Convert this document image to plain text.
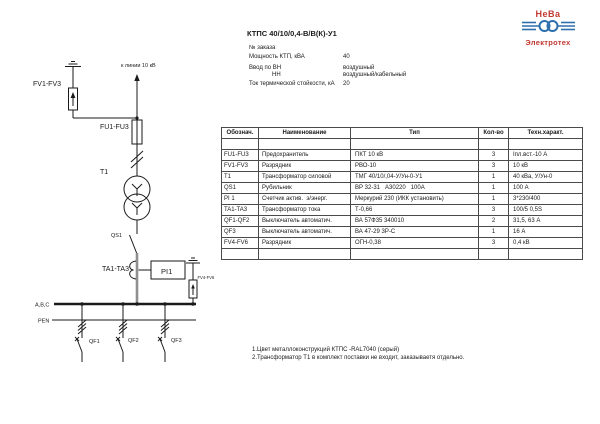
к линии 10 кВ
FV1-FV3
FU1-FU3
T1
QS1
TA1-TA3	PI1
FV4-FV6
A,B,C
PEN
QF1	QF2	QF3
НеВа
Электротех
КТПС 40/10/0,4-В/В(К)-У1
№ заказа
Мощность КТП, кВА	40
Ввод по ВН	воздушный
НН	воздушный/кабельный
Ток термической стойкости, кА	20
Обознач.	Наименование	Тип	Кол-во	Техн.характ.

FU1-FU3	Предохранитель	ПКТ 10 кВ	3	Iпл.вст.-10 А
FV1-FV3	Разрядник	РВО-10	3	10 кВ
T1	Трансформатор силовой	ТМГ 40/10/,04-У/Ун-0-У1	1	40 кВа, У/Ун-0
QS1	Рубильник	ВР 32-31   А30220   100А	1	100 А
PI 1	Счетчик актив.  э/энерг.	Меркурий 230 (ИКК установить)	1	3*230/400
TA1-TA3	Трансформатор тока	Т-0,66	3	100/5 0,5S
QF1-QF2	Выключатель автоматич.	ВА 57Ф35 340010	2	31,5, 63 А
QF3	Выключатель автоматич.	ВА 47-29 3Р-С	1	16 А
FV4-FV6	Разрядник	ОГН-0,38	3	0,4 кВ

1.Цвет металлоконструкций КТПС -RAL7040 (серый)
2.Трансформатор Т1 в комплект поставки не входит, заказываетя отдельно.
